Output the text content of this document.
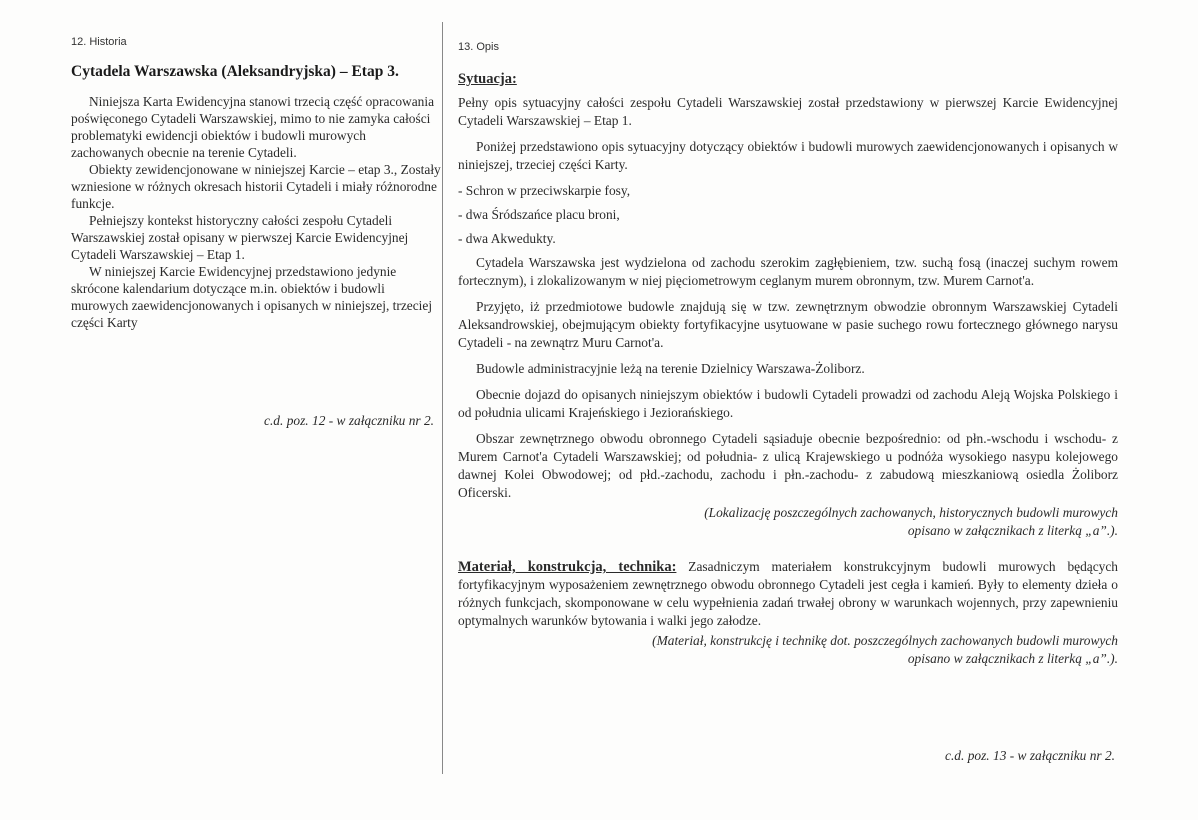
12. Historia
Cytadela Warszawska (Aleksandryjska) – Etap 3.

Niniejsza Karta Ewidencyjna stanowi trzecią część opracowania poświęconego Cytadeli Warszawskiej, mimo to nie zamyka całości problematyki ewidencji obiektów i budowli murowych zachowanych obecnie na terenie Cytadeli.

Obiekty zewidencjonowane w niniejszej Karcie – etap 3., Zostały wzniesione w różnych okresach historii Cytadeli i miały różnorodne funkcje.

Pełniejszy kontekst historyczny całości zespołu Cytadeli Warszawskiej został opisany w pierwszej Karcie Ewidencyjnej Cytadeli Warszawskiej – Etap 1.

W niniejszej Karcie Ewidencyjnej przedstawiono jedynie skrócone kalendarium dotyczące m.in. obiektów i budowli murowych zaewidencjonowanych i opisanych w niniejszej, trzeciej części Karty

c.d. poz. 12 - w załączniku nr 2.
13. Opis

Sytuacja:

Pełny opis sytuacyjny całości zespołu Cytadeli Warszawskiej został przedstawiony w pierwszej Karcie Ewidencyjnej Cytadeli Warszawskiej – Etap 1.

Poniżej przedstawiono opis sytuacyjny dotyczący obiektów i budowli murowych zaewidencjonowanych i opisanych w niniejszej, trzeciej części Karty.

- Schron w przeciwskarpie fosy,

- dwa Śródszańce placu broni,

- dwa Akwedukty.

Cytadela Warszawska jest wydzielona od zachodu szerokim zagłębieniem, tzw. suchą fosą (inaczej suchym rowem fortecznym), i zlokalizowanym w niej pięciometrowym ceglanym murem obronnym, tzw. Murem Carnot'a.

Przyjęto, iż przedmiotowe budowle znajdują się w tzw. zewnętrznym obwodzie obronnym Warszawskiej Cytadeli Aleksandrowskiej, obejmującym obiekty fortyfikacyjne usytuowane w pasie suchego rowu fortecznego głównego narysu Cytadeli - na zewnątrz Muru Carnot'a.

Budowle administracyjnie leżą na terenie Dzielnicy Warszawa-Żoliborz.

Obecnie dojazd do opisanych niniejszym obiektów i budowli Cytadeli prowadzi od zachodu Aleją Wojska Polskiego i od południa ulicami Krajeńskiego i Jeziorańskiego.

Obszar zewnętrznego obwodu obronnego Cytadeli sąsiaduje obecnie bezpośrednio: od płn.-wschodu i wschodu- z Murem Carnot'a Cytadeli Warszawskiej; od południa- z ulicą Krajewskiego u podnóża wysokiego nasypu kolejowego dawnej Kolei Obwodowej; od płd.-zachodu, zachodu i płn.-zachodu- z zabudową mieszkaniową osiedla Żoliborz Oficerski.

(Lokalizację poszczególnych zachowanych, historycznych budowli murowych
opisano w załącznikach z literką „a”.).

Materiał, konstrukcja, technika: Zasadniczym materiałem konstrukcyjnym budowli murowych będących fortyfikacyjnym wyposażeniem zewnętrznego obwodu obronnego Cytadeli jest cegła i kamień. Były to elementy dzieła o różnych funkcjach, skomponowane w celu wypełnienia zadań trwałej obrony w warunkach wojennych, przy zapewnieniu optymalnych warunków bytowania i walki jego załodze.

(Materiał, konstrukcję i technikę dot. poszczególnych zachowanych budowli murowych
opisano w załącznikach z literką „a”.).
c.d. poz. 13 - w załączniku nr 2.
